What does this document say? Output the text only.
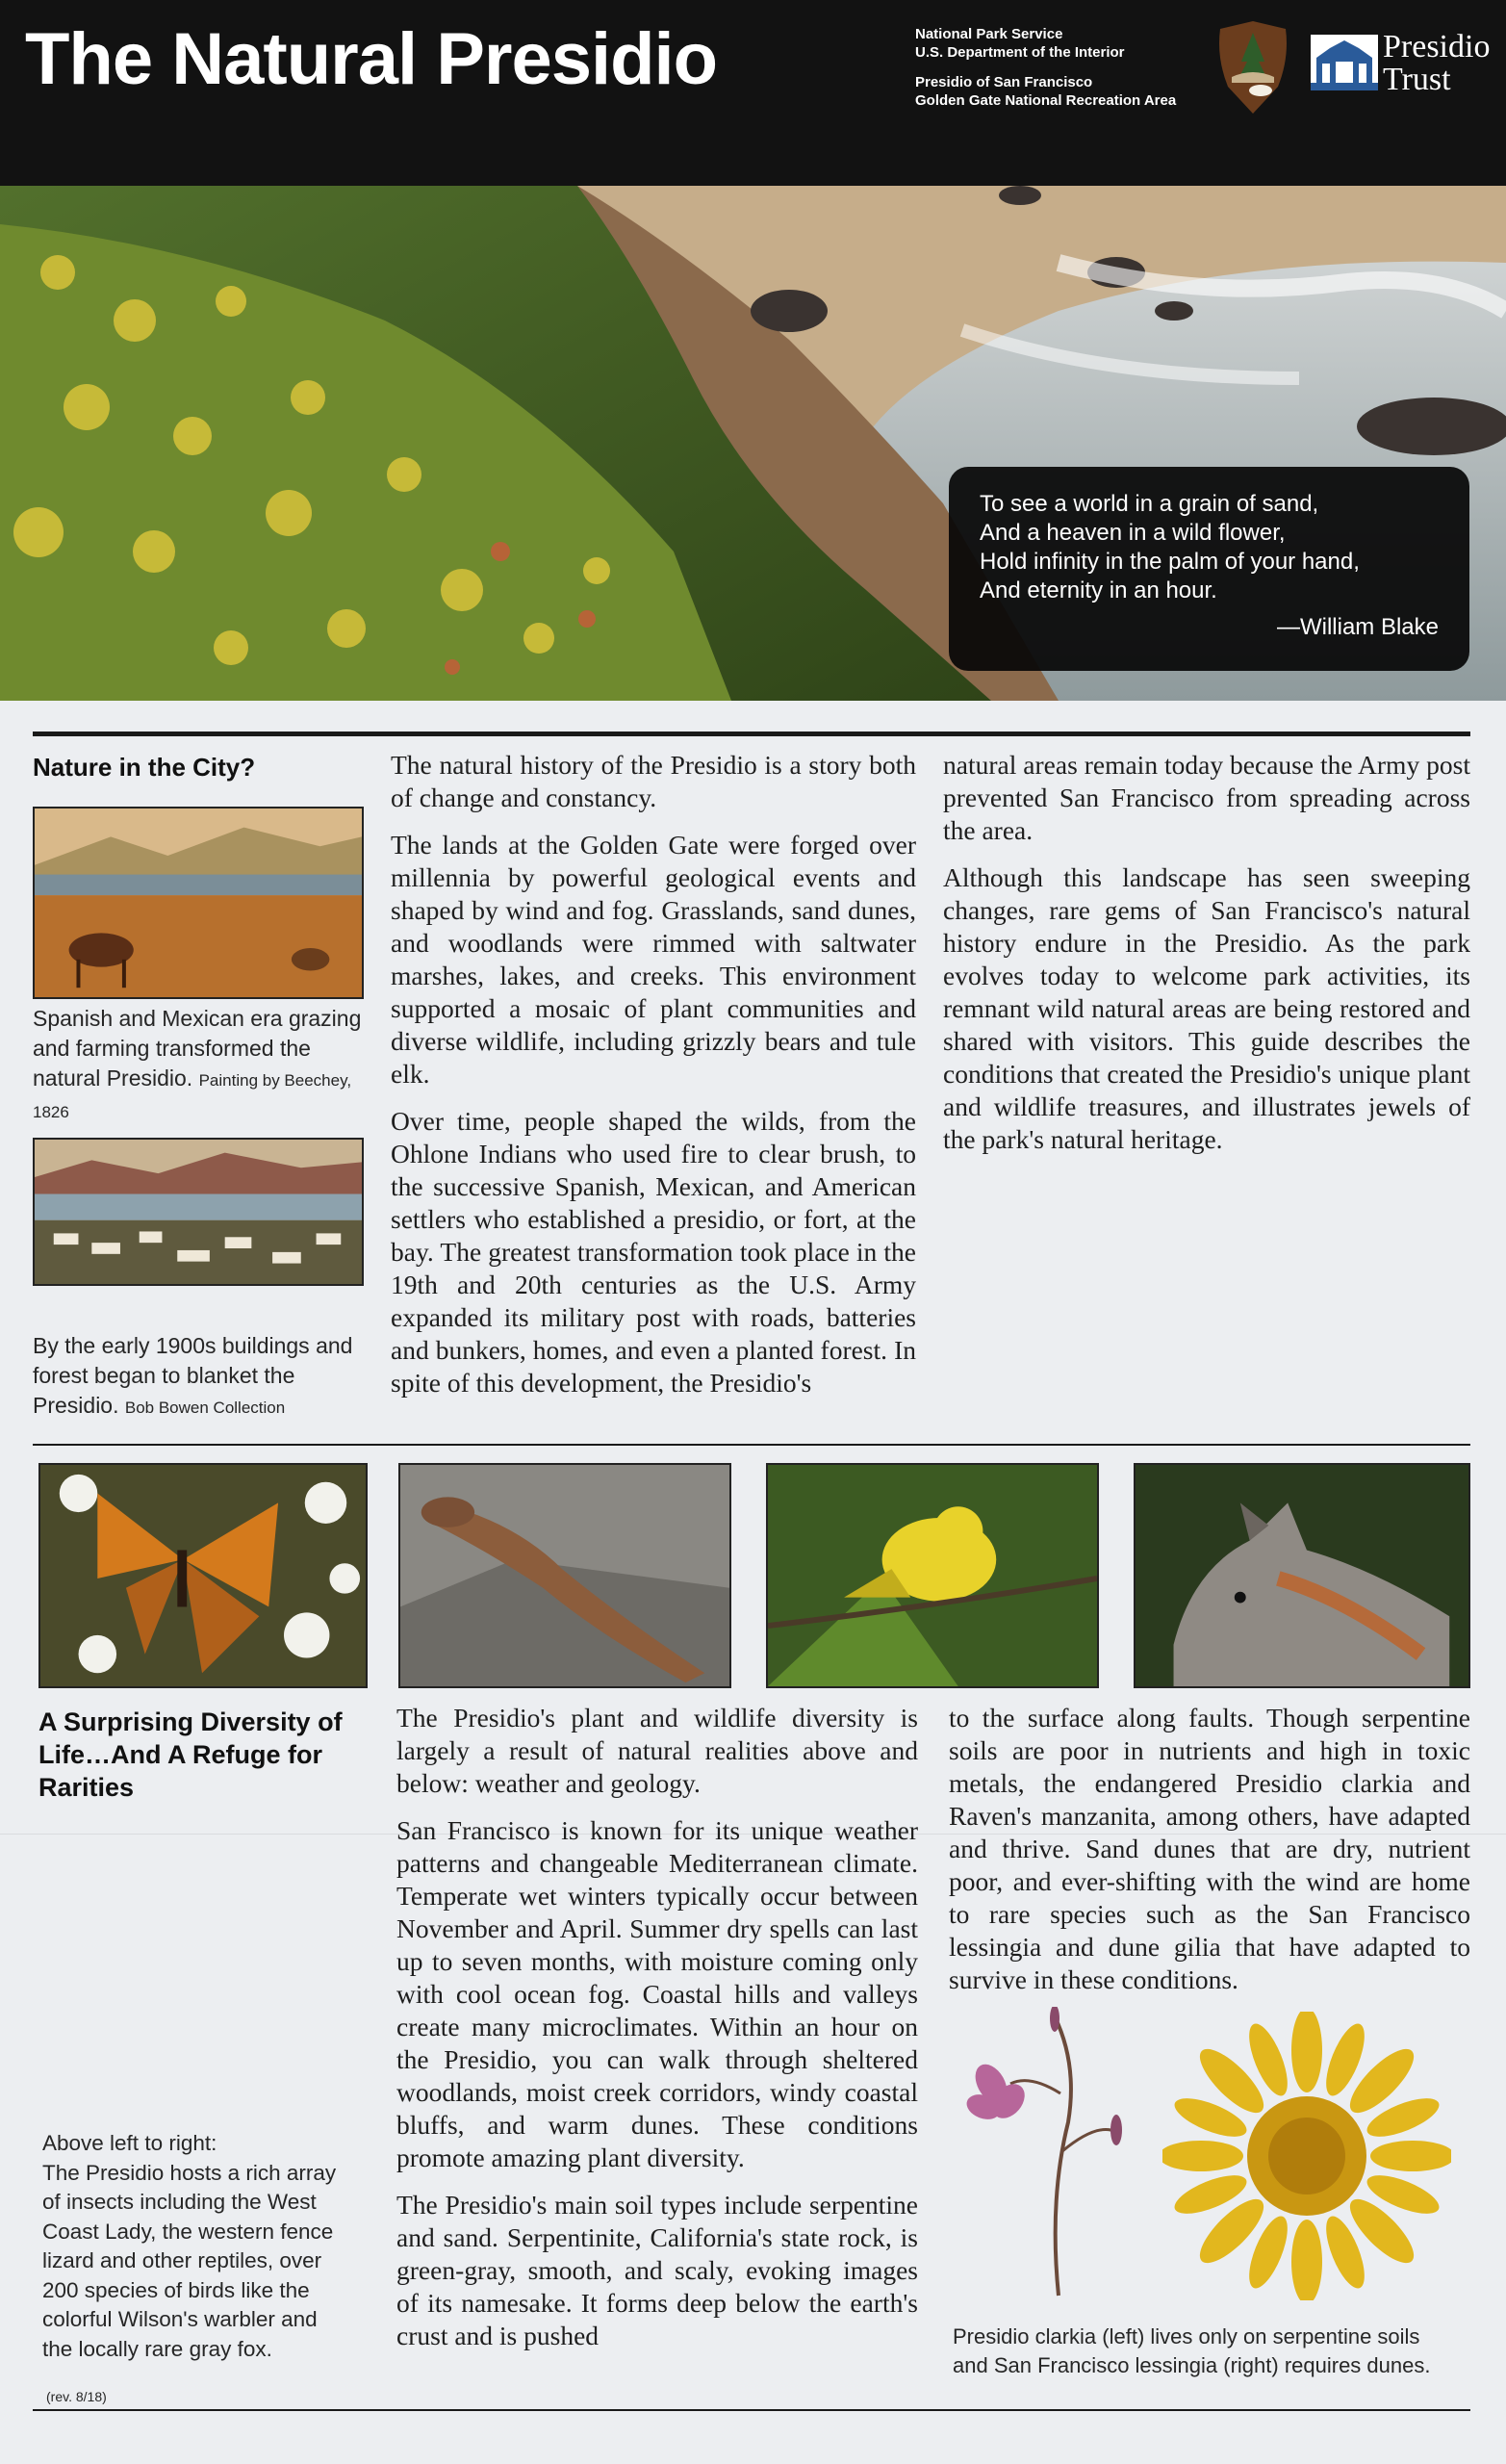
The Natural Presidio	National Park Service
U.S. Department of the Interior
Presidio of San Francisco
Golden Gate National Recreation Area
Presidio
Trust
To see a world in a grain of sand,
And a heaven in a wild flower,
Hold infinity in the palm of your hand,
And eternity in an hour.
—William Blake
Nature in the City?
Spanish and Mexican era grazing and farming transformed the natural Presidio. Painting by Beechey, 1826
By the early 1900s buildings and forest began to blanket the Presidio. Bob Bowen Collection

The natural history of the Presidio is a story both of change and constancy.

The lands at the Golden Gate were forged over millennia by powerful geological events and shaped by wind and fog. Grasslands, sand dunes, and woodlands were rimmed with saltwater marshes, lakes, and creeks. This environment supported a mosaic of plant communities and diverse wildlife, including grizzly bears and tule elk.

Over time, people shaped the wilds, from the Ohlone Indians who used fire to clear brush, to the successive Spanish, Mexican, and American settlers who established a presidio, or fort, at the bay. The greatest transformation took place in the 19th and 20th centuries as the U.S. Army expanded its military post with roads, batteries and bunkers, homes, and even a planted forest. In spite of this development, the Presidio's

natural areas remain today because the Army post prevented San Francisco from spreading across the area.

Although this landscape has seen sweeping changes, rare gems of San Francisco's natural history endure in the Presidio. As the park evolves today to welcome park activities, its remnant wild natural areas are being restored and shared with visitors. This guide describes the conditions that created the Presidio's unique plant and wildlife treasures, and illustrates jewels of the park's natural heritage.

A Surprising Diversity of
Life…And A Refuge for
Rarities
Above left to right:
The Presidio hosts a rich array
of insects including the West
Coast Lady, the western fence
lizard and other reptiles, over
200 species of birds like the
colorful Wilson's warbler and
the locally rare gray fox.
(rev. 8/18)

The Presidio's plant and wildlife diversity is largely a result of natural realities above and below: weather and geology.

San Francisco is known for its unique weather patterns and changeable Mediterranean climate. Temperate wet winters typically occur between November and April. Summer dry spells can last up to seven months, with moisture coming only with cool ocean fog. Coastal hills and valleys create many microclimates. Within an hour on the Presidio, you can walk through sheltered woodlands, moist creek corridors, windy coastal bluffs, and warm dunes. These conditions promote amazing plant diversity.

The Presidio's main soil types include serpentine and sand. Serpentinite, California's state rock, is green-gray, smooth, and scaly, evoking images of its namesake. It forms deep below the earth's crust and is pushed

to the surface along faults. Though serpentine soils are poor in nutrients and high in toxic metals, the endangered Presidio clarkia and Raven's manzanita, among others, have adapted and thrive. Sand dunes that are dry, nutrient poor, and ever-shifting with the wind are home to rare species such as the San Francisco lessingia and dune gilia that have adapted to survive in these conditions.

Presidio clarkia (left) lives only on serpentine soils
and San Francisco lessingia (right) requires dunes.
